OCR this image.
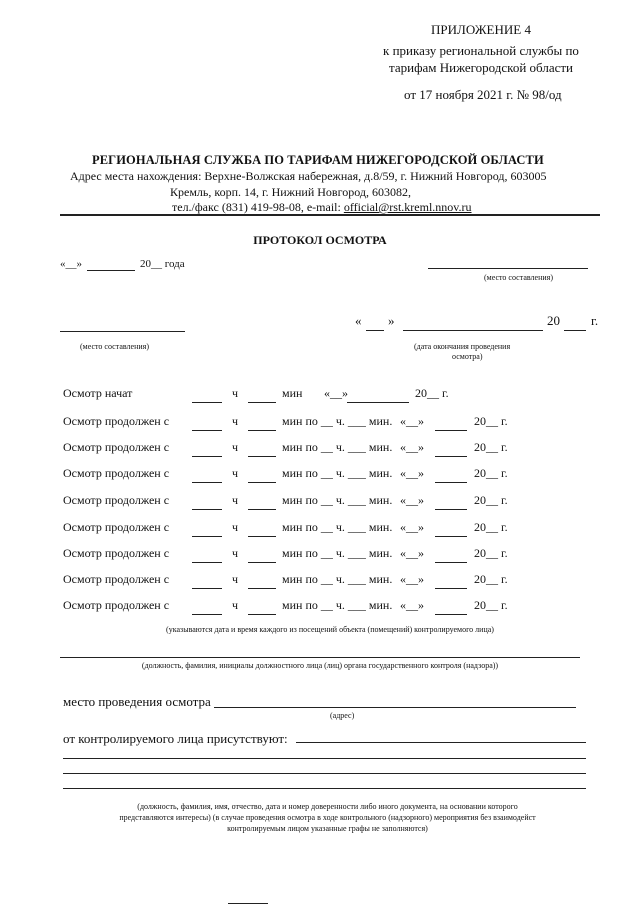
ПРИЛОЖЕНИЕ 4
к приказу региональной службы по
тарифам Нижегородской области
от 17 ноября 2021 г. № 98/од
РЕГИОНАЛЬНАЯ СЛУЖБА ПО ТАРИФАМ НИЖЕГОРОДСКОЙ ОБЛАСТИ
Адрес места нахождения: Верхне-Волжская набережная, д.8/59, г. Нижний Новгород, 603005
Кремль, корп. 14, г. Нижний Новгород, 603082,
тел./факс (831) 419-98-08, e-mail: official@rst.kreml.nnov.ru
ПРОТОКОЛ ОСМОТРА
«__»	20__ года
(место составления)
(место составления)
« »	20 г.
(дата окончания проведения
осмотра)
Осмотр начат	ч	мин «__»	20__ г.
Осмотр продолжен с	ч	мин по __ ч. ___ мин. «__»	20__ г.
Осмотр продолжен с	ч	мин по __ ч. ___ мин. «__»	20__ г.
Осмотр продолжен с	ч	мин по __ ч. ___ мин. «__»	20__ г.
Осмотр продолжен с	ч	мин по __ ч. ___ мин. «__»	20__ г.
Осмотр продолжен с	ч	мин по __ ч. ___ мин. «__»	20__ г.
Осмотр продолжен с	ч	мин по __ ч. ___ мин. «__»	20__ г.
Осмотр продолжен с	ч	мин по __ ч. ___ мин. «__»	20__ г.
Осмотр продолжен с	ч	мин по __ ч. ___ мин. «__»	20__ г.
(указываются дата и время каждого из посещений объекта (помещений) контролируемого лица)
(должность, фамилия, инициалы должностного лица (лиц) органа государственного контроля (надзора))
место проведения осмотра
(адрес)
от контролируемого лица присутствуют:
(должность, фамилия, имя, отчество, дата и номер доверенности либо иного документа, на основании которого
представляются интересы) (в случае проведения осмотра в ходе контрольного (надзорного) мероприятия без взаимодейст
контролируемым лицом указанные графы не заполняются)
